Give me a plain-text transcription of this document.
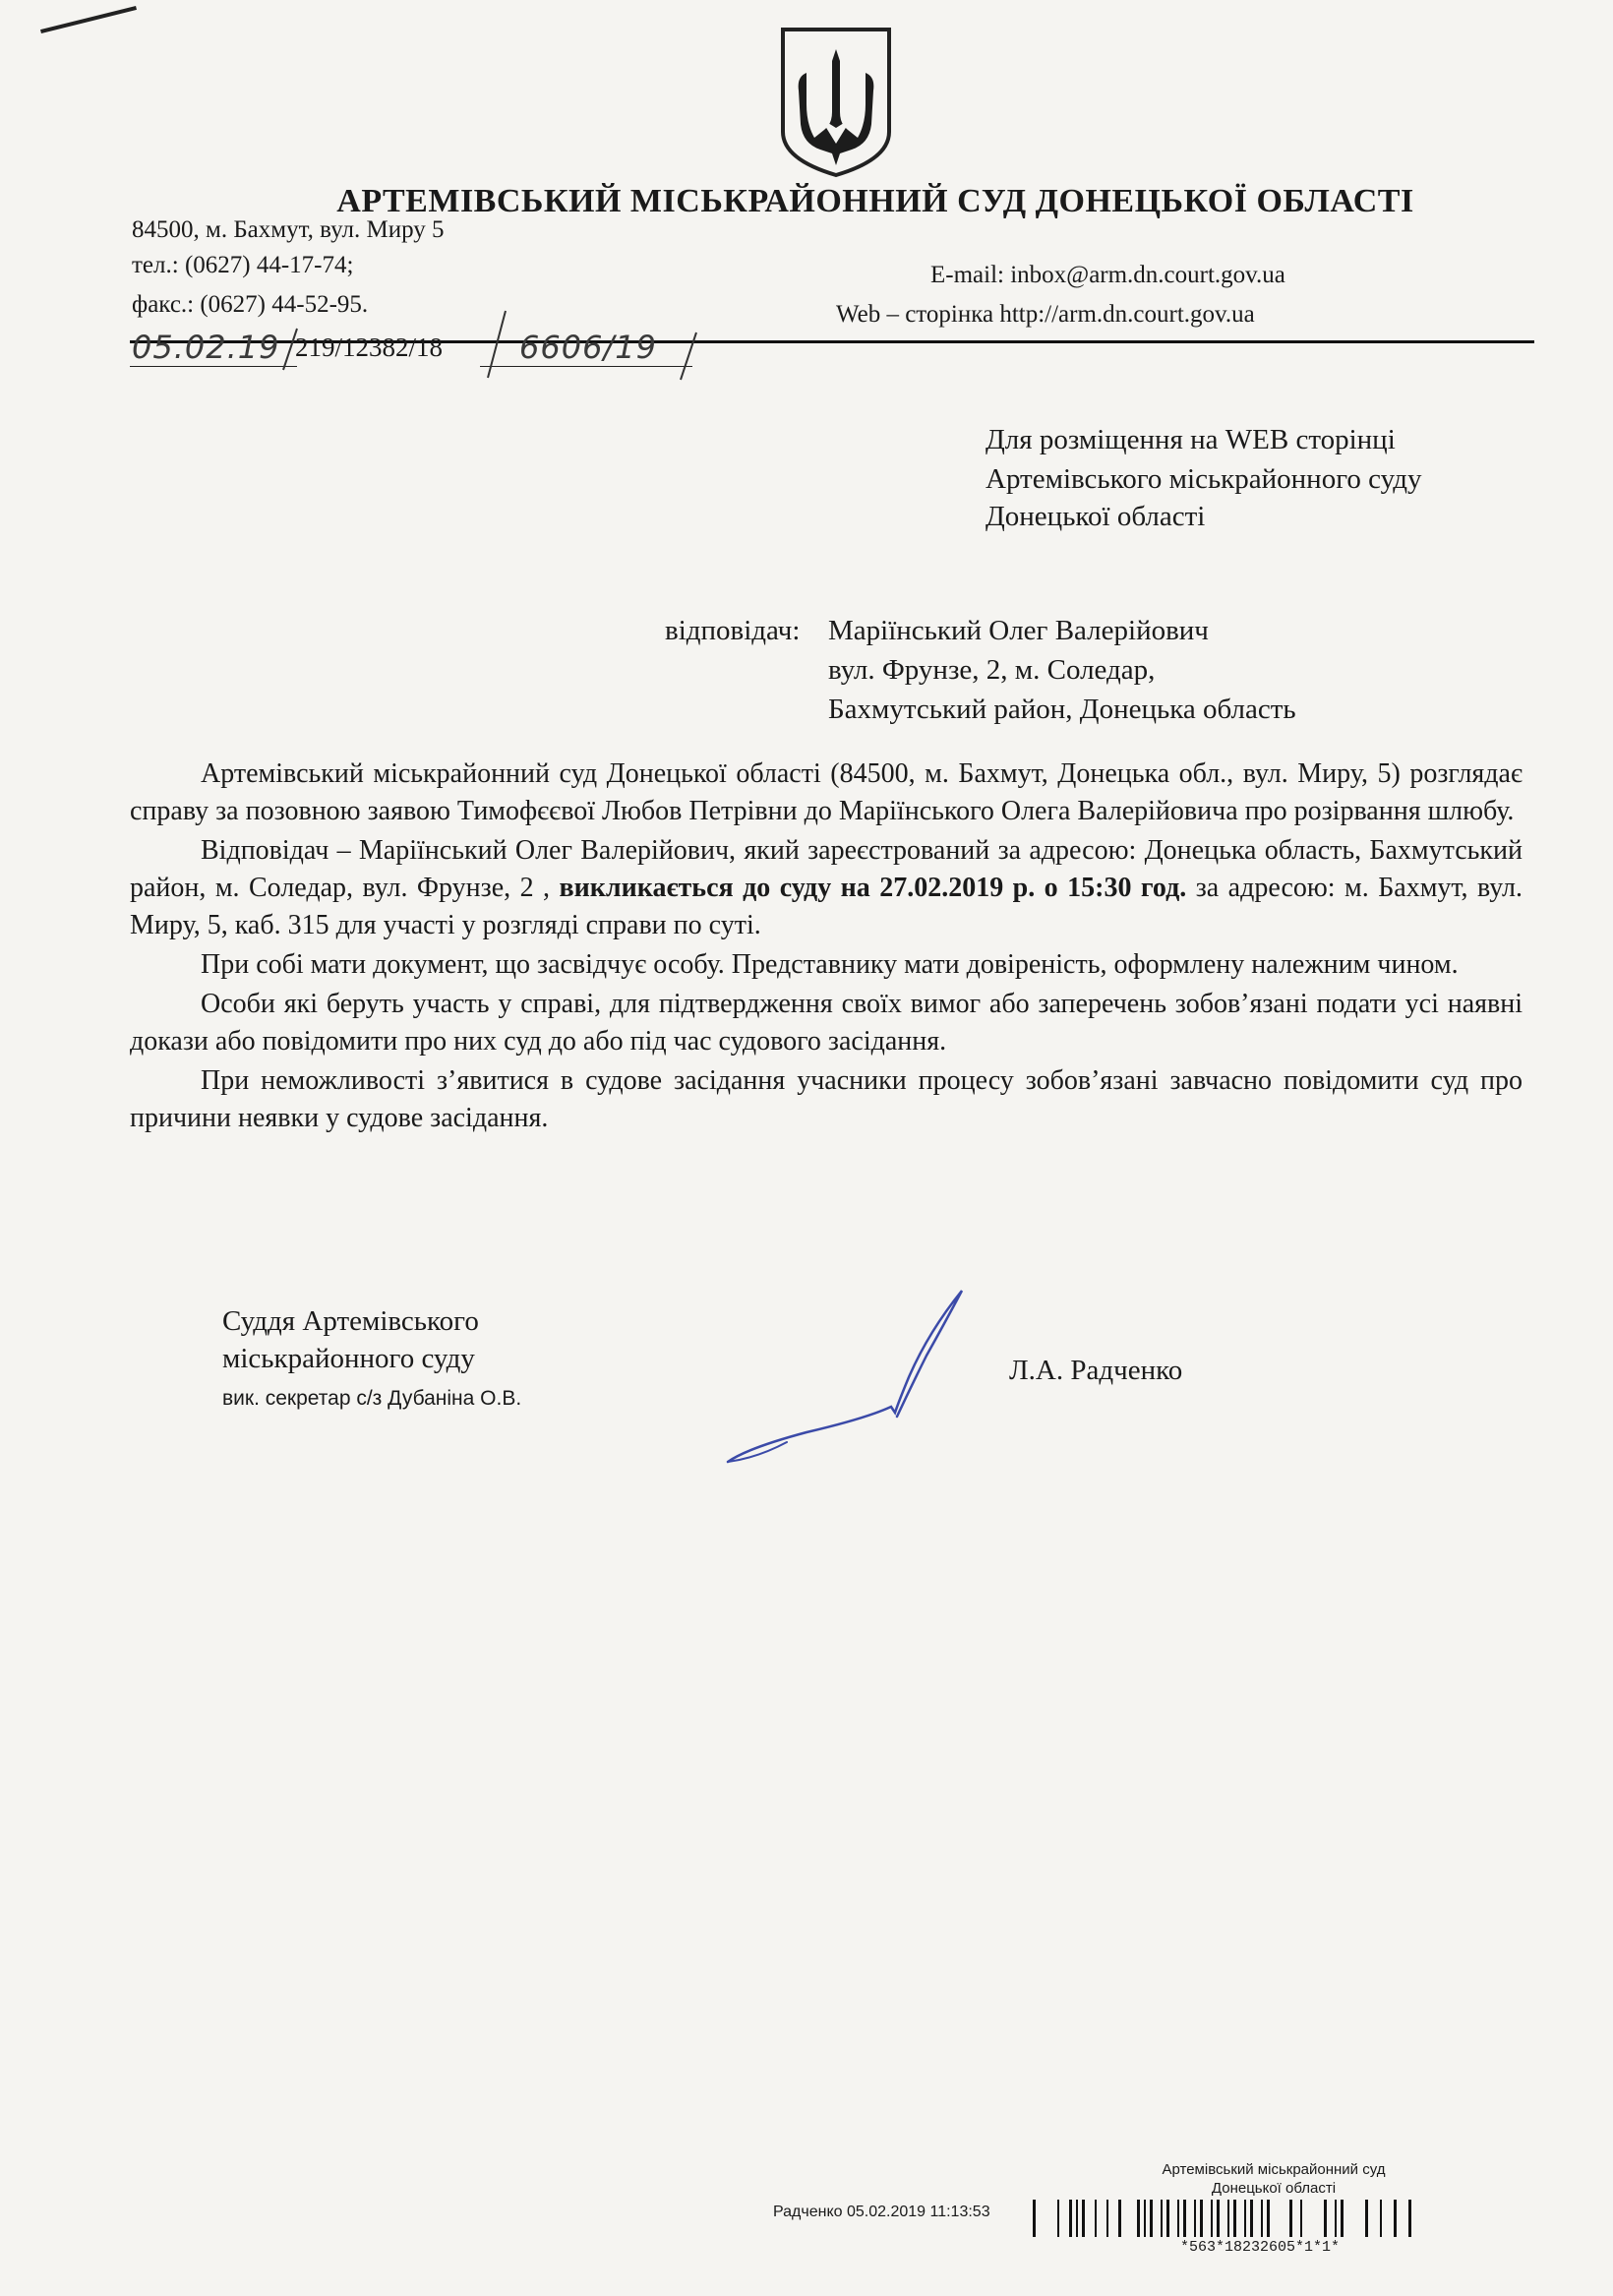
АРТЕМІВСЬКИЙ МІСЬКРАЙОННИЙ СУД ДОНЕЦЬКОЇ ОБЛАСТІ
84500, м. Бахмут, вул. Миру 5
тел.: (0627) 44-17-74;
факс.: (0627) 44-52-95.
E-mail: inbox@arm.dn.court.gov.ua
Web – сторінка http://arm.dn.court.gov.ua
05.02.19 219/12382/18 6606/19
Для розміщення на WEB сторінці
Артемівського міськрайонного суду
Донецької області
відповідач: Маріїнський Олег Валерійович
вул. Фрунзе, 2, м. Соледар,
Бахмутський район, Донецька область

Артемівський міськрайонний суд Донецької області (84500, м. Бахмут, Донецька обл., вул. Миру, 5) розглядає справу за позовною заявою Тимофєєвої Любов Петрівни до Маріїнського Олега Валерійовича про розірвання шлюбу.

Відповідач – Маріїнський Олег Валерійович, який зареєстрований за адресою: Донецька область, Бахмутський район, м. Соледар, вул. Фрунзе, 2 , викликається до суду на 27.02.2019 р. о 15:30 год. за адресою: м. Бахмут, вул. Миру, 5, каб. 315 для участі у розгляді справи по суті.

При собі мати документ, що засвідчує особу. Представнику мати довіреність, оформлену належним чином.

Особи які беруть участь у справі, для підтвердження своїх вимог або заперечень зобов’язані подати усі наявні докази або повідомити про них суд до або під час судового засідання.

При неможливості з’явитися в судове засідання учасники процесу зобов’язані завчасно повідомити суд про причини неявки у судове засідання.

Суддя Артемівського
міськрайонного суду
вик. секретар с/з Дубаніна О.В.
Л.А. Радченко
Артемівський міськрайонний суд
Донецької області
Радченко 05.02.2019 11:13:53
*563*18232605*1*1*
